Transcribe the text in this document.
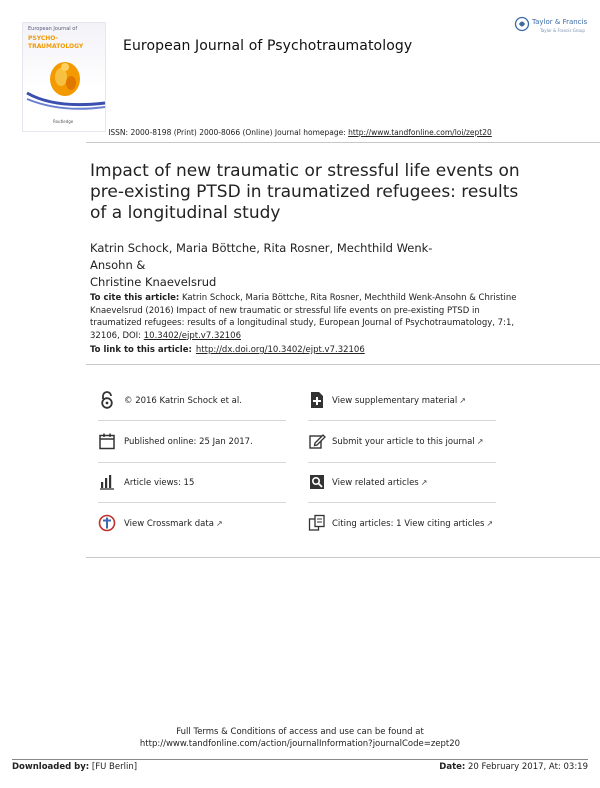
European Journal of
PSYCHO-
TRAUMATOLOGY
Routledge
European Journal of Psychotraumatology
Taylor & Francis
Taylor & Francis Group
ISSN: 2000-8198 (Print) 2000-8066 (Online) Journal homepage: http://www.tandfonline.com/loi/zept20
Impact of new traumatic or stressful life events on pre-existing PTSD in traumatized refugees: results of a longitudinal study
Katrin Schock, Maria Böttche, Rita Rosner, Mechthild Wenk-Ansohn &
Christine Knaevelsrud
To cite this article: Katrin Schock, Maria Böttche, Rita Rosner, Mechthild Wenk-Ansohn & Christine Knaevelsrud (2016) Impact of new traumatic or stressful life events on pre-existing PTSD in traumatized refugees: results of a longitudinal study, European Journal of Psychotraumatology, 7:1, 32106, DOI: 10.3402/ejpt.v7.32106
To link to this article: http://dx.doi.org/10.3402/ejpt.v7.32106
© 2016 Katrin Schock et al.
Published online: 25 Jan 2017.
Article views: 15
View Crossmark data ↗
View supplementary material ↗
Submit your article to this journal ↗
View related articles ↗
Citing articles: 1 View citing articles ↗
Full Terms & Conditions of access and use can be found at
http://www.tandfonline.com/action/journalInformation?journalCode=zept20
Downloaded by: [FU Berlin]	Date: 20 February 2017, At: 03:19
